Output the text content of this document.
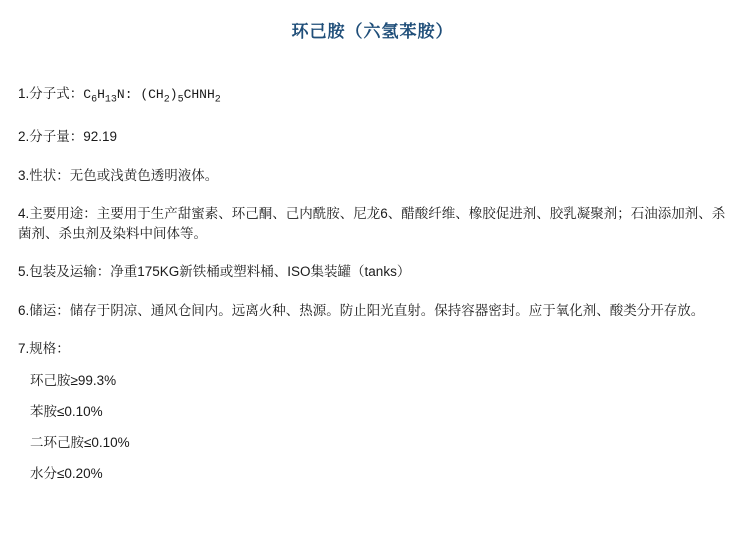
环己胺（六氢苯胺）

1.分子式：$C_6H_{13}N$: $(CH_2)_5CHNH_2$

2.分子量：92.19

3.性状：无色或浅黄色透明液体。

4.主要用途：主要用于生产甜蜜素、环己酮、己内酰胺、尼龙6、醋酸纤维、橡胶促进剂、胶乳凝聚剂；石油添加剂、杀菌剂、杀虫剂及染料中间体等。

5.包装及运输：净重175KG新铁桶或塑料桶、ISO集装罐（tanks）

6.储运：储存于阴凉、通风仓间内。远离火种、热源。防止阳光直射。保持容器密封。应于氧化剂、酸类分开存放。

7.规格：

环己胺≥99.3%
苯胺≤0.10%
二环己胺≤0.10%
水分≤0.20%
